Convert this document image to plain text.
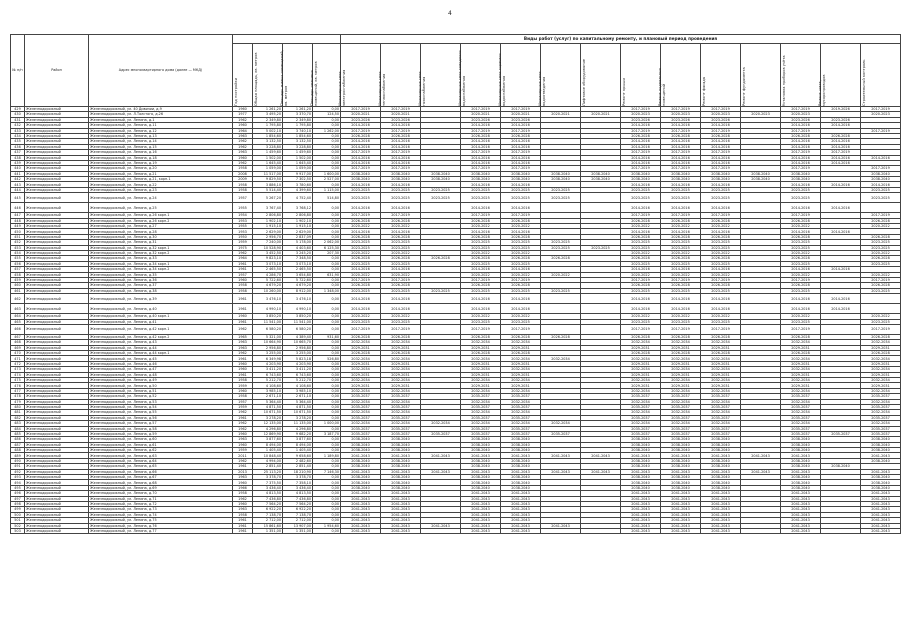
4
№ п/п	Район	Адрес многоквартирного дома (далее — МКД)					Виды работ (услуг) по капитальному ремонту, и плановый период проведения													
			Год постройки	Общая площадь, кв. метров	Площадь жилых помещений, кв. метров	Площадь нежилых помещений, кв. метров	Инженерные сети электроснабжения	Инженерные сети теплоснабжения	Инженерные сети газоснабжения	Инженерные сети холодного водоснабжения	Инженерные сети горячего водоснабжения	Инженерные сети водоотведения	Лифтовое оборудование	Ремонт крыши	Ремонт подвальных помещений	Ремонт фасада	Ремонт фундамента	Установка приборов учёта	Ремонт шахт, мусоропроводов	Строительный контроль
429	Железнодорожный	Железнодорожный, ул. 40 Дивизии, д.9	1960	1 261,20	1 261,20	0,00	2017-2019	2017-2019		2017-2019	2017-2019			2017-2019	2017-2019	2017-2019		2017-2019	2019-2026	2017-2019
430	Железнодорожный	Железнодорожный, ул. Л.Толстого, д.26	1977	3 495,20	3 370,70	124,50	2020-2021	2020-2021		2020-2021	2020-2021	2020-2021	2020-2021	2020-2023	2020-2023	2020-2023	2020-2023	2020-2023		2020-2023
431	Железнодорожный	Железнодорожный, ул. Ленина, д.1	1962	2 349,80	2 349,80	0,00	2023-2026	2023-2026		2023-2026	2023-2026			2023-2026	2023-2026	2023-2026		2023-2026	2023-2026	
432	Железнодорожный	Железнодорожный, ул. Ленина, д.11	1960	1 795,80	1 795,80	0,00	2014-2016	2014-2016		2014-2016	2014-2016			2014-2016	2014-2016	2014-2016		2014-2016	2014-2016	
433	Железнодорожный	Железнодорожный, ул. Ленина, д.12	1964	5 002,10	3 740,10	1 262,00	2017-2019	2017-2019		2017-2019	2017-2019			2017-2019	2017-2019	2017-2019		2017-2019		2017-2019
434	Железнодорожный	Железнодорожный, ул. Ленина, д.13	1963	1 854,60	1 854,60	0,00	2026-2028	2026-2028		2026-2028	2026-2028			2026-2028	2026-2028	2026-2028		2026-2028	2026-2028	
435	Железнодорожный	Железнодорожный, ул. Ленина, д.14	1962	3 132,50	3 132,50	0,00	2014-2016	2014-2016		2014-2016	2014-2016			2014-2016	2014-2016	2014-2016		2014-2016	2014-2016	
436	Железнодорожный	Железнодорожный, ул. Ленина, д.15	1962	3 228,80	3 228,80	0,00	2014-2016	2014-2016		2014-2016	2014-2016			2014-2016	2014-2016	2014-2016		2014-2016	2014-2016	
437	Железнодорожный	Железнодорожный, ул. Ленина, д.16	1963	1 459,60	1 459,60	0,00	2017-2019	2017-2019		2017-2019	2017-2019			2017-2019	2017-2019	2017-2019		2017-2019	2017-2019	
438	Железнодорожный	Железнодорожный, ул. Ленина, д.18	1960	1 502,00	1 502,00	0,00	2014-2016	2014-2016		2014-2016	2014-2016			2014-2016	2014-2016	2014-2016		2014-2016	2014-2016	2014-2016
439	Железнодорожный	Железнодорожный, ул. Ленина, д.19	1962	1 645,40	1 645,40	0,00	2014-2016	2014-2016		2014-2016	2014-2016			2014-2016	2014-2016	2014-2016		2014-2016	2014-2016	
440	Железнодорожный	Железнодорожный, ул. Ленина, д.20	1958	1 059,00	1 059,00	0,00	2017-2019	2017-2019		2017-2019	2017-2019			2017-2019	2017-2019	2017-2019		2017-2019		2017-2019
441	Железнодорожный	Железнодорожный, ул. Ленина, д.21	2008	11 517,00	9 917,00	1 600,00	2038-2040	2038-2040	2038-2040	2038-2040	2038-2040	2038-2040	2038-2040	2038-2040	2038-2040	2038-2040	2038-2040	2038-2040		2038-2040
442	Железнодорожный	Железнодорожный, ул. Ленина, д.21, корп.1	2009	9 829,50	7 302,50	2 527,00	2038-2040	2038-2040	2038-2040	2038-2040	2038-2040	2038-2040	2038-2040	2038-2040	2038-2040	2038-2040	2038-2040	2038-2040		2038-2040
443	Железнодорожный	Железнодорожный, ул. Ленина, д.22	1958	3 886,10	3 780,60	0,00	2014-2016	2014-2016		2014-2016	2014-2016			2014-2016	2014-2016	2014-2016		2014-2016	2014-2016	2014-2016
444	Железнодорожный	Железнодорожный, ул. Ленина, д.23	1958	5 514,40	4 399,60	1 115,00	2023-2025	2023-2025	2023-2025	2023-2025	2023-2025	2023-2025		2023-2025	2023-2025	2023-2025		2023-2025		2023-2025
445	Железнодорожный	Железнодорожный, ул. Ленина, д.24	1957	5 267,20	4 752,40	514,80	2023-2025	2023-2025	2023-2025	2023-2025	2023-2025	2023-2025		2023-2025	2023-2025	2023-2025		2023-2025		2023-2025
446	Железнодорожный	Железнодорожный, ул. Ленина, д.25	1955	3 767,40	3 768,12	0,00	2014-2016	2014-2016		2014-2016	2014-2016			2014-2016	2014-2016	2014-2016		2014-2016	2014-2016	
447	Железнодорожный	Железнодорожный, ул. Ленина, д.26 корп.1	1954	2 806,80	2 806,80	0,00	2017-2019	2017-2019		2017-2019	2017-2019			2017-2019	2017-2019	2017-2019		2017-2019		2017-2019
448	Железнодорожный	Железнодорожный, ул. Ленина, д.26 корп.2	1953	1 902,10	1 902,10	0,00	2026-2028	2026-2028		2026-2028	2026-2028			2026-2028	2026-2028	2026-2028		2026-2028		2026-2028
449	Железнодорожный	Железнодорожный, ул. Ленина, д.27	1955	1 915,10	1 915,10	0,00	2020-2022	2020-2022		2020-2022	2020-2022			2020-2022	2020-2022	2020-2022		2020-2022		2020-2022
450	Железнодорожный	Железнодорожный, ул. Ленина, д.28	1953	2 629,00	2 629,00	0,00	2014-2016	2014-2016		2014-2016	2014-2016			2014-2016	2014-2016	2014-2016		2014-2016	2014-2016	
451	Железнодорожный	Железнодорожный, ул. Ленина, д.30	1950	2 956,70	2 837,09	0,00	2026-2028	2026-2028		2026-2028	2026-2028			2026-2028	2026-2028	2026-2028		2026-2028		2026-2028
452	Железнодорожный	Железнодорожный, ул. Ленина, д.31	1959	7 240,00	5 178,00	2 062,00	2023-2025	2023-2025		2023-2025	2023-2025	2023-2025		2023-2025	2023-2025	2023-2025		2023-2025		2023-2025
453	Железнодорожный	Железнодорожный, ул. Ленина, д.32 корп.1	1975	10 528,90	4 403,60	6 125,30	2023-2025	2023-2025		2023-2025	2023-2025	2023-2025	2023-2025	2023-2025	2023-2025	2023-2025		2023-2025		2023-2025
454	Железнодорожный	Железнодорожный, ул. Ленина, д.32 корп.2	1962	3 452,50	3 245,20	207,30	2020-2022	2020-2022		2020-2022	2020-2022			2020-2022	2020-2022	2020-2022		2020-2022		2020-2022
455	Железнодорожный	Железнодорожный, ул. Ленина, д.33	1964	9 823,10	7 348,50	0,00	2026-2028	2026-2028	2026-2028	2026-2028	2026-2028	2026-2028		2026-2028	2026-2028	2026-2028		2026-2028		2026-2028
456	Железнодорожный	Железнодорожный, ул. Ленина, д.34 корп.1	1961	3 073,10	3 073,10	0,00	2023-2025	2023-2025		2023-2025	2023-2025			2023-2025	2023-2025	2023-2025		2023-2025		2023-2025
457	Железнодорожный	Железнодорожный, ул. Ленина, д.34 корп.2	1961	2 465,50	2 465,50	0,00	2014-2016	2014-2016		2014-2016	2014-2016			2014-2016	2014-2016	2014-2016		2014-2016	2014-2016	
458	Железнодорожный	Железнодорожный, ул. Ленина, д.35	1957	4 286,70	3 654,80	631,90	2020-2022	2020-2022		2020-2022	2020-2022	2020-2022		2020-2022	2020-2022	2020-2022		2020-2022		2020-2022
459	Железнодорожный	Железнодорожный, ул. Ленина, д.36	1960	5 722,60	5 722,60	0,00	2017-2019	2017-2019		2017-2019	2017-2019			2017-2019	2017-2019	2017-2019		2017-2019		2017-2019
460	Железнодорожный	Железнодорожный, ул. Ленина, д.37	1958	4 679,20	4 679,20	0,00	2026-2028	2026-2028		2026-2028	2026-2028			2026-2028	2026-2028	2026-2028		2026-2028		2026-2028
461	Железнодорожный	Железнодорожный, ул. Ленина, д.38	1958	10 260,00	8 912,00	1 348,00	2023-2025	2023-2025	2023-2025	2023-2025	2023-2025	2023-2025		2023-2025	2023-2025	2023-2025		2023-2025		2023-2025
462	Железнодорожный	Железнодорожный, ул. Ленина, д.39	1961	3 476,10	3 476,10	0,00	2014-2016	2014-2016		2014-2016	2014-2016			2014-2016	2014-2016	2014-2016		2014-2016	2014-2016	
463	Железнодорожный	Железнодорожный, ул. Ленина, д.40	1961	4 990,10	4 990,10	0,00	2014-2016	2014-2016		2014-2016	2014-2016			2014-2016	2014-2016	2014-2016		2014-2016	2014-2016	
464	Железнодорожный	Железнодорожный, ул. Ленина, д.40 корп.1	1960	3 850,20	3 850,20	0,00	2020-2022	2020-2022		2020-2022	2020-2022			2020-2022	2020-2022	2020-2022		2020-2022		2020-2022
465	Железнодорожный	Железнодорожный, ул. Ленина, д.41	1961	11 541,00	11 541,00	0,00	2023-2025	2023-2025		2023-2025	2023-2025			2023-2025	2023-2025	2023-2025		2023-2025		2023-2025
466	Железнодорожный	Железнодорожный, ул. Ленина, д.42 корп.1	1962	6 580,20	6 580,20	0,00	2017-2019	2017-2019		2017-2019	2017-2019			2017-2019	2017-2019	2017-2019		2017-2019		2017-2019
467	Железнодорожный	Железнодорожный, ул. Ленина, д.42 корп.2	1965	5 321,00	4 389,40	931,60	2026-2028	2026-2028		2026-2028	2026-2028	2026-2028		2026-2028	2026-2028	2026-2028		2026-2028		2026-2028
468	Железнодорожный	Железнодорожный, ул. Ленина, д.43	1963	10 664,90	10 665,70	0,00	2032-2034	2032-2034		2032-2034	2032-2034			2032-2034	2032-2034	2032-2034		2032-2034		2032-2034
469	Железнодорожный	Железнодорожный, ул. Ленина, д.44	1963	2 956,80	2 956,80	0,00	2029-2031	2029-2031		2029-2031	2029-2031			2029-2031	2029-2031	2029-2031		2029-2031		2029-2031
470	Железнодорожный	Железнодорожный, ул. Ленина, д.44 корп.1	1962	3 255,00	3 255,00	0,00	2026-2028	2026-2028		2026-2028	2026-2028			2026-2028	2026-2028	2026-2028		2026-2028		2026-2028
471	Железнодорожный	Железнодорожный, ул. Ленина, д.45	1961	6 349,98	5 823,18	526,80	2032-2034	2032-2034		2032-2034	2032-2034	2032-2034		2032-2034	2032-2034	2032-2034		2032-2034		2032-2034
472	Железнодорожный	Железнодорожный, ул. Ленина, д.46	1960	4 203,90	4 203,90	0,00	2029-2031	2029-2031		2029-2031	2029-2031			2029-2031	2029-2031	2029-2031		2029-2031		2029-2031
473	Железнодорожный	Железнодорожный, ул. Ленина, д.47	1960	3 411,20	3 411,20	0,00	2032-2034	2032-2034		2032-2034	2032-2034			2032-2034	2032-2034	2032-2034		2032-2034		2032-2034
474	Железнодорожный	Железнодорожный, ул. Ленина, д.48	1961	6 743,60	6 743,60	0,00	2029-2031	2029-2031		2029-2031	2029-2031			2029-2031	2029-2031	2029-2031		2029-2031		2029-2031
475	Железнодорожный	Железнодорожный, ул. Ленина, д.49	1958	5 212,70	5 212,70	0,00	2032-2034	2032-2034		2032-2034	2032-2034			2032-2034	2032-2034	2032-2034		2032-2034		2032-2034
476	Железнодорожный	Железнодорожный, ул. Ленина, д.50	1959	4 108,60	4 108,60	0,00	2029-2031	2029-2031		2029-2031	2029-2031			2029-2031	2029-2031	2029-2031		2029-2031		2029-2031
477	Железнодорожный	Железнодорожный, ул. Ленина, д.51	1960	3 985,10	3 985,10	0,00	2032-2034	2032-2034		2032-2034	2032-2034			2032-2034	2032-2034	2032-2034		2032-2034		2032-2034
478	Железнодорожный	Железнодорожный, ул. Ленина, д.52	1958	2 671,10	2 671,10	0,00	2035-2037	2035-2037		2035-2037	2035-2037			2035-2037	2035-2037	2035-2037		2035-2037		2035-2037
479	Железнодорожный	Железнодорожный, ул. Ленина, д.53	1957	5 364,40	5 364,40	0,00	2032-2034	2032-2034		2032-2034	2032-2034			2032-2034	2032-2034	2032-2034		2032-2034		2032-2034
480	Железнодорожный	Железнодорожный, ул. Ленина, д.54	1959	4 871,50	4 871,50	0,00	2035-2037	2035-2037		2035-2037	2035-2037			2035-2037	2035-2037	2035-2037		2035-2037		2035-2037
481	Железнодорожный	Железнодорожный, ул. Ленина, д.55	1962	10 671,50	10 671,50	0,00	2032-2034	2032-2034		2032-2034	2032-2034			2032-2034	2032-2034	2032-2034		2032-2034		2032-2034
482	Железнодорожный	Железнодорожный, ул. Ленина, д.56	1961	3 278,20	3 278,20	0,00	2035-2037	2035-2037		2035-2037	2035-2037			2035-2037	2035-2037	2035-2037		2035-2037		2035-2037
483	Железнодорожный	Железнодорожный, ул. Ленина, д.57	1962	12 135,00	11 135,00	1 000,00	2032-2034	2032-2034	2032-2034	2032-2034	2032-2034	2032-2034		2032-2034	2032-2034	2032-2034		2032-2034		2032-2034
484	Железнодорожный	Железнодорожный, ул. Ленина, д.58	1962	4 296,80	4 296,80	0,00	2035-2037	2035-2037		2035-2037	2035-2037			2035-2037	2035-2037	2035-2037		2035-2037		2035-2037
485	Железнодорожный	Железнодорожный, ул. Ленина, д.59	1960	12 869,90	9 682,20	3 187,70	2035-2037	2035-2037	2035-2037	2035-2037	2035-2037	2035-2037		2035-2037	2035-2037	2035-2037		2035-2037	2035-2037	2035-2037
486	Железнодорожный	Железнодорожный, ул. Ленина, д.60	1963	3 877,60	3 877,60	0,00	2038-2040	2038-2040		2038-2040	2038-2040			2038-2040	2038-2040	2038-2040		2038-2040		2038-2040
487	Железнодорожный	Железнодорожный, ул. Ленина, д.61	1960	8 494,00	8 494,00	0,00	2038-2040	2038-2040		2038-2040	2038-2040			2038-2040	2038-2040	2038-2040		2038-2040		2038-2040
488	Железнодорожный	Железнодорожный, ул. Ленина, д.62	1959	1 405,40	1 405,40	0,00	2038-2040	2038-2040		2038-2040	2038-2040			2038-2040	2038-2040	2038-2040		2038-2040		2038-2040
489	Железнодорожный	Железнодорожный, ул. Ленина, д.63	2011	10 848,40	9 658,60	1 189,80	2041-2043	2041-2043	2041-2043	2041-2043	2041-2043	2041-2043	2041-2043	2041-2043	2041-2043	2041-2043	2041-2043	2041-2043		2041-2043
490	Железнодорожный	Железнодорожный, ул. Ленина, д.64	1962	4 994,00	2 482,60	0,00	2038-2040	2038-2040		2038-2040	2038-2040			2038-2040	2038-2040	2038-2040		2038-2040		2038-2040
491	Железнодорожный	Железнодорожный, ул. Ленина, д.65	1961	2 851,40	2 851,40	0,00	2038-2040	2038-2040		2038-2040	2038-2040			2038-2040	2038-2040	2038-2040		2038-2040	2038-2040	
492	Железнодорожный	Железнодорожный, ул. Ленина, д.66	2013	25 113,20	18 210,90	7 146,30	2041-2043	2041-2043	2041-2043	2041-2043	2041-2043	2041-2043	2041-2043	2041-2043	2041-2043	2041-2043	2041-2043	2041-2043		2041-2043
493	Железнодорожный	Железнодорожный, ул. Ленина, д.67	1963	3 378,70	3 378,70	0,00	2038-2040	2038-2040		2038-2040	2038-2040			2038-2040	2038-2040	2038-2040		2038-2040		2038-2040
494	Железнодорожный	Железнодорожный, ул. Ленина, д.68	1960	7 375,50	7 358,10	0,00	2038-2040	2038-2040		2038-2040	2038-2040			2038-2040	2038-2040	2038-2040		2038-2040		2038-2040
495	Железнодорожный	Железнодорожный, ул. Ленина, д.69	1966	3 436,40	3 436,40	0,00	2038-2040	2038-2040		2038-2040	2038-2040			2038-2040	2038-2040	2038-2040		2038-2040		2038-2040
496	Железнодорожный	Железнодорожный, ул. Ленина, д.70	1958	4 813,50	4 813,50	0,00	2041-2043	2041-2043		2041-2043	2041-2043			2041-2043	2041-2043	2041-2043		2041-2043		2041-2043
497	Железнодорожный	Железнодорожный, ул. Ленина, д.71	1962	7 436,80	7 436,80	0,00	2041-2043	2041-2043		2041-2043	2041-2043			2041-2043	2041-2043	2041-2043		2041-2043		2041-2043
498	Железнодорожный	Железнодорожный, ул. Ленина, д.72	1960	7 564,20	7 564,20	0,00	2041-2043	2041-2043		2041-2043	2041-2043			2041-2043	2041-2043	2041-2043		2041-2043		2041-2043
499	Железнодорожный	Железнодорожный, ул. Ленина, д.73	1963	6 922,20	6 922,20	0,00	2041-2043	2041-2043		2041-2043	2041-2043			2041-2043	2041-2043	2041-2043		2041-2043		2041-2043
500	Железнодорожный	Железнодорожный, ул. Ленина, д.74	1958	7 138,70	7 138,70	0,00	2041-2043	2041-2043		2041-2043	2041-2043			2041-2043	2041-2043	2041-2043		2041-2043		2041-2043
501	Железнодорожный	Железнодорожный, ул. Ленина, д.75	1961	2 712,00	2 712,00	0,00	2041-2043	2041-2043		2041-2043	2041-2043			2041-2043	2041-2043	2041-2043		2041-2043		2041-2043
502	Железнодорожный	Железнодорожный, ул. Ленина, д.76	1961	15 861,60	13 907,00	1 954,60	2041-2043	2041-2043	2041-2043	2041-2043	2041-2043	2041-2043		2041-2043	2041-2043	2041-2043		2041-2043		2041-2043
503	Железнодорожный	Железнодорожный, ул. Ленина, д.77	1961	1 351,00	1 351,00	0,00	2041-2043	2041-2043		2041-2043	2041-2043			2041-2043	2041-2043	2041-2043		2041-2043		2041-2043
